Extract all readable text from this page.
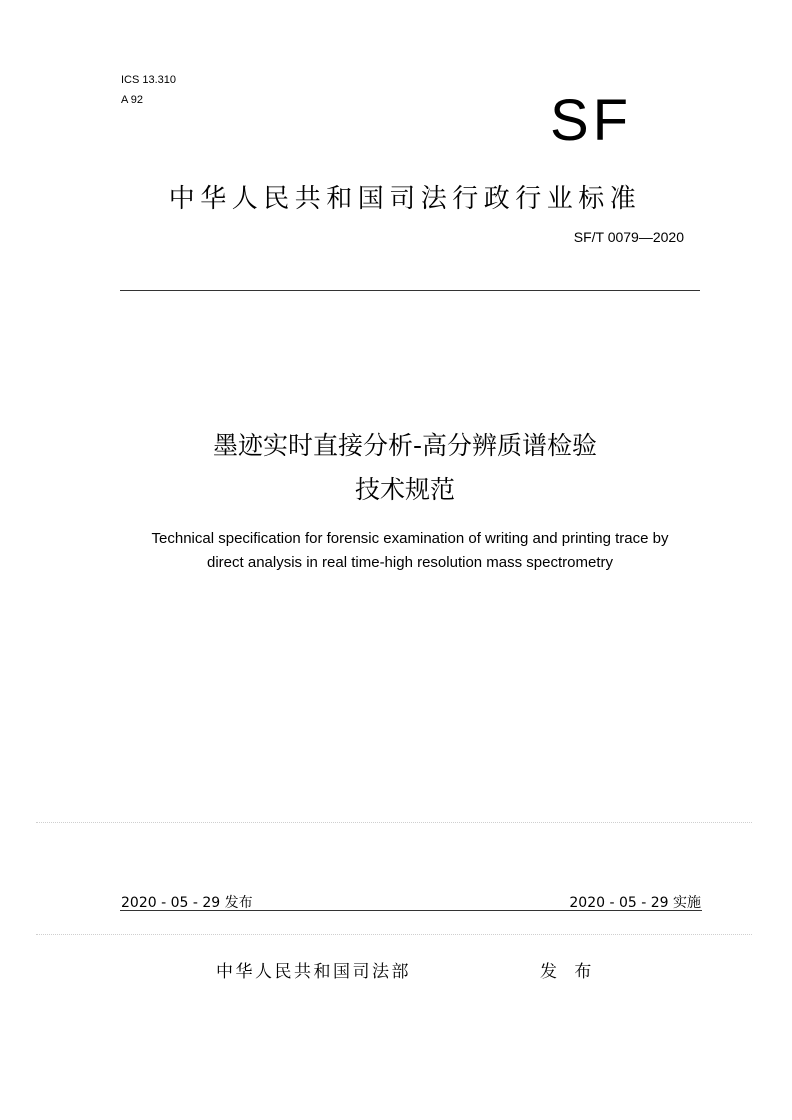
ICS 13.310
A 92	SF
中华人民共和国司法行政行业标准
SF/T 0079—2020
墨迹实时直接分析-高分辨质谱检验
技术规范
Technical specification for forensic examination of writing and printing trace by
direct analysis in real time-high resolution mass spectrometry
2020 - 05 - 29 发布	2020 - 05 - 29 实施
中华人民共和国司法部	发 布
